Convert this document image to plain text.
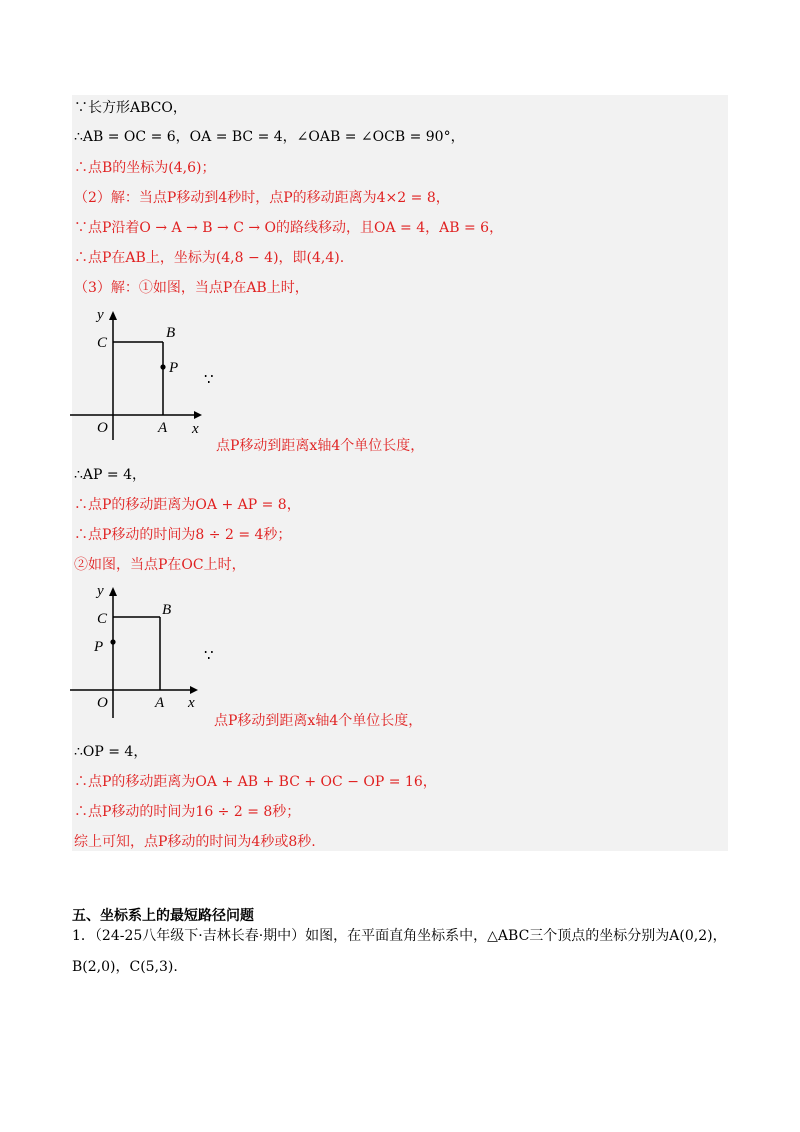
∵长方形ABCO，
∴AB = OC = 6，OA = BC = 4，∠OAB = ∠OCB = 90°，
∴点B的坐标为(4,6)；
（2）解：当点P移动到4秒时，点P的移动距离为4×2 = 8，
∵点P沿着O → A → B → C → O的路线移动，且OA = 4，AB = 6，
∴点P在AB上，坐标为(4,8 − 4)，即(4,4).
（3）解：①如图，当点P在AB上时，
y
x
O	A
B
C
P
∵
点P移动到距离x轴4个单位长度，
∴AP = 4，
∴点P的移动距离为OA + AP = 8，
∴点P移动的时间为8 ÷ 2 = 4秒；
②如图，当点P在OC上时，
y
x
O	A
B
C
P	∵
点P移动到距离x轴4个单位长度，
∴OP = 4，
∴点P的移动距离为OA + AB + BC + OC − OP = 16，
∴点P移动的时间为16 ÷ 2 = 8秒；
综上可知，点P移动的时间为4秒或8秒.
五、坐标系上的最短路径问题
1．（24-25八年级下·吉林长春·期中）如图，在平面直角坐标系中，△ABC三个顶点的坐标分别为A(0,2)，
B(2,0)，C(5,3).
